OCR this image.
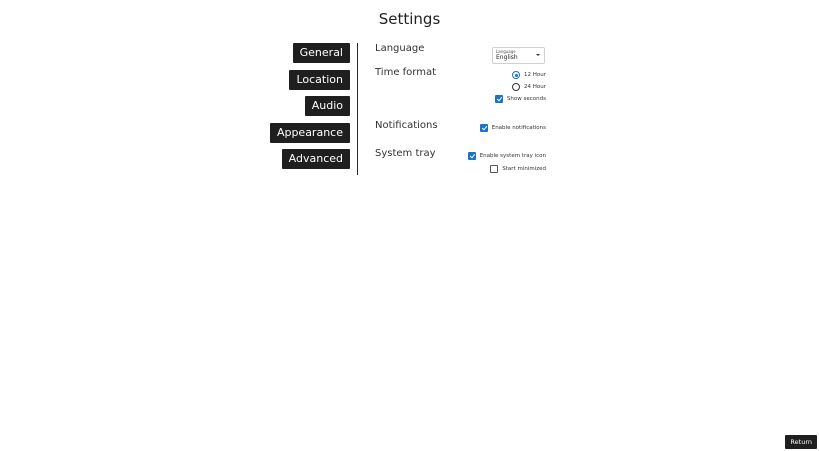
Settings
General
Location
Audio
Appearance
Advanced
Language	Language
English
Time format	12 Hour
24 Hour
Show seconds
Notifications	Enable notifications
System tray	Enable system tray icon
Start minimized
Return
